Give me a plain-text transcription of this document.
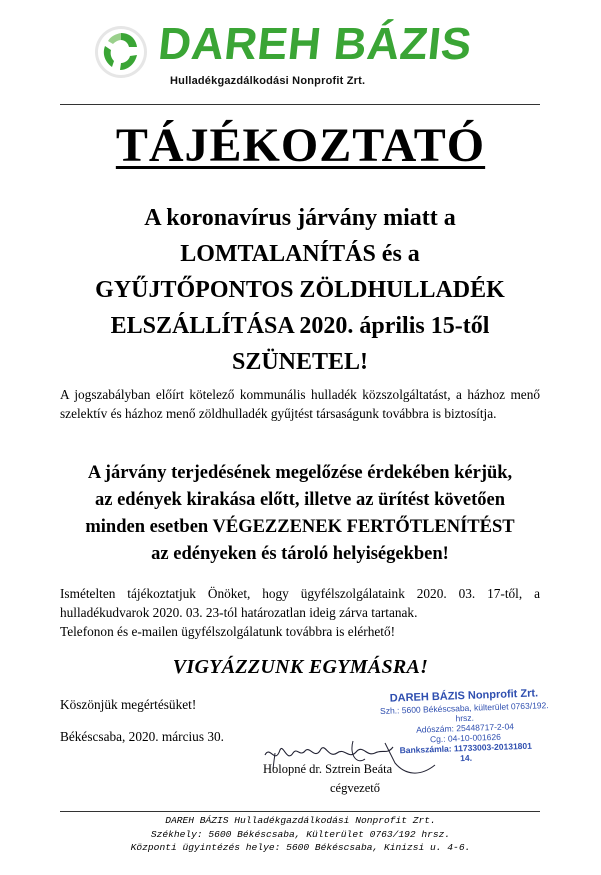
DAREH BÁZIS
Hulladékgazdálkodási Nonprofit Zrt.
TÁJÉKOZTATÓ
A koronavírus járvány miatt a
LOMTALANÍTÁS és a
GYŰJTŐPONTOS ZÖLDHULLADÉK
ELSZÁLLÍTÁSA 2020. április 15-től
SZÜNETEL!
A jogszabályban előírt kötelező kommunális hulladék közszolgáltatást, a házhoz menő szelektív és házhoz menő zöldhulladék gyűjtést társaságunk továbbra is biztosítja.
A járvány terjedésének megelőzése érdekében kérjük,
az edények kirakása előtt, illetve az ürítést követően
minden esetben VÉGEZZENEK FERTŐTLENÍTÉST
az edényeken és tároló helyiségekben!
Ismételten tájékoztatjuk Önöket, hogy ügyfélszolgálataink 2020. 03. 17-től, a
hulladékudvarok 2020. 03. 23-tól határozatlan ideig zárva tartanak.
Telefonon és e-mailen ügyfélszolgálatunk továbbra is elérhető!
VIGYÁZZUNK EGYMÁSRA!
Köszönjük megértésüket!
Békéscsaba, 2020. március 30.
DAREH BÁZIS Nonprofit Zrt.
Szh.: 5600 Békéscsaba, külterület 0763/192. hrsz.
Adószám: 25448717-2-04
Cg.: 04-10-001626
Bankszámla: 11733003-20131801
14.
Holopné dr. Sztrein Beáta
cégvezető
DAREH BÁZIS Hulladékgazdálkodási Nonprofit Zrt.
Székhely: 5600 Békéscsaba, Külterület 0763/192 hrsz.
Központi ügyintézés helye: 5600 Békéscsaba, Kinizsi u. 4-6.
